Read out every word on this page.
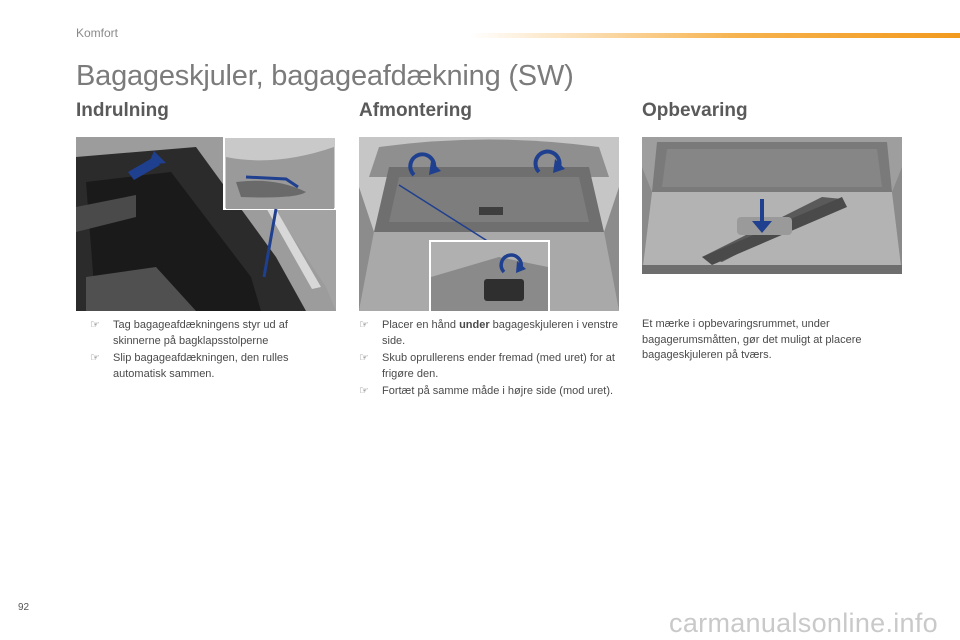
Komfort
Bagageskjuler, bagageafdækning (SW)
Indrulning
☞ Tag bagageafdækningens styr ud af skinnerne på bagklapsstolperne
☞ Slip bagageafdækningen, den rulles automatisk sammen.
Afmontering
☞ Placer en hånd under bagageskjuleren i venstre side.
☞ Skub oprullerens ender fremad (med uret) for at frigøre den.
☞ Fortæt på samme måde i højre side (mod uret).
Opbevaring

Et mærke i opbevaringsrummet, under bagagerumsmåtten, gør det muligt at placere bagageskjuleren på tværs.

92
carmanualsonline.info
